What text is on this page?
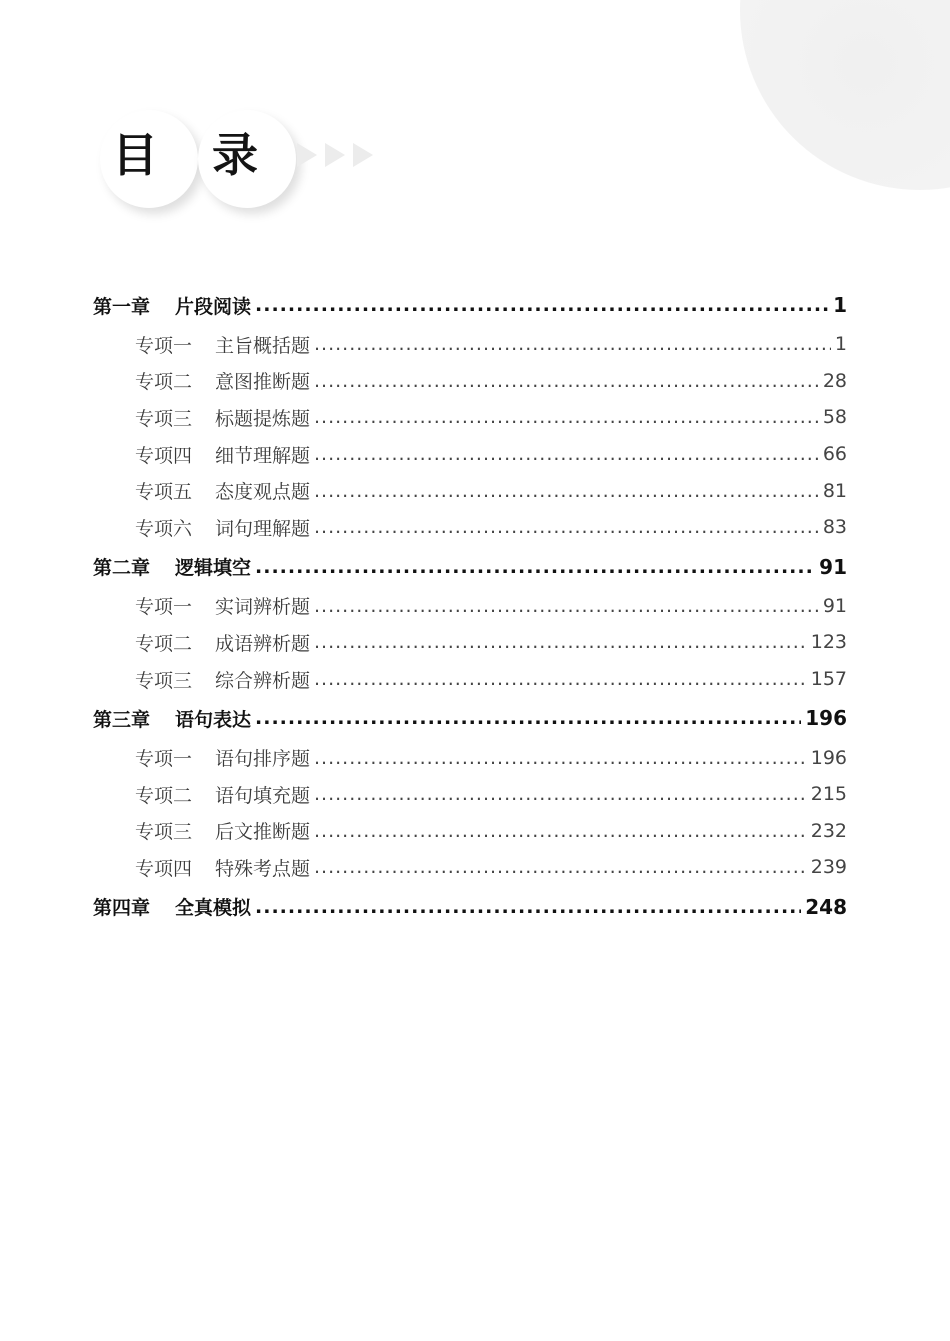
目 录
第一章	片段阅读 .....	1
专项一	主旨概括题 .....	1
专项二	意图推断题 .....	28
专项三	标题提炼题 .....	58
专项四	细节理解题 .....	66
专项五	态度观点题 .....	81
专项六	词句理解题 .....	83
第二章	逻辑填空 .....	91
专项一	实词辨析题 .....	91
专项二	成语辨析题 .....	123
专项三	综合辨析题 .....	157
第三章	语句表达 .....	196
专项一	语句排序题 .....	196
专项二	语句填充题 .....	215
专项三	后文推断题 .....	232
专项四	特殊考点题 .....	239
第四章	全真模拟 .....	248
